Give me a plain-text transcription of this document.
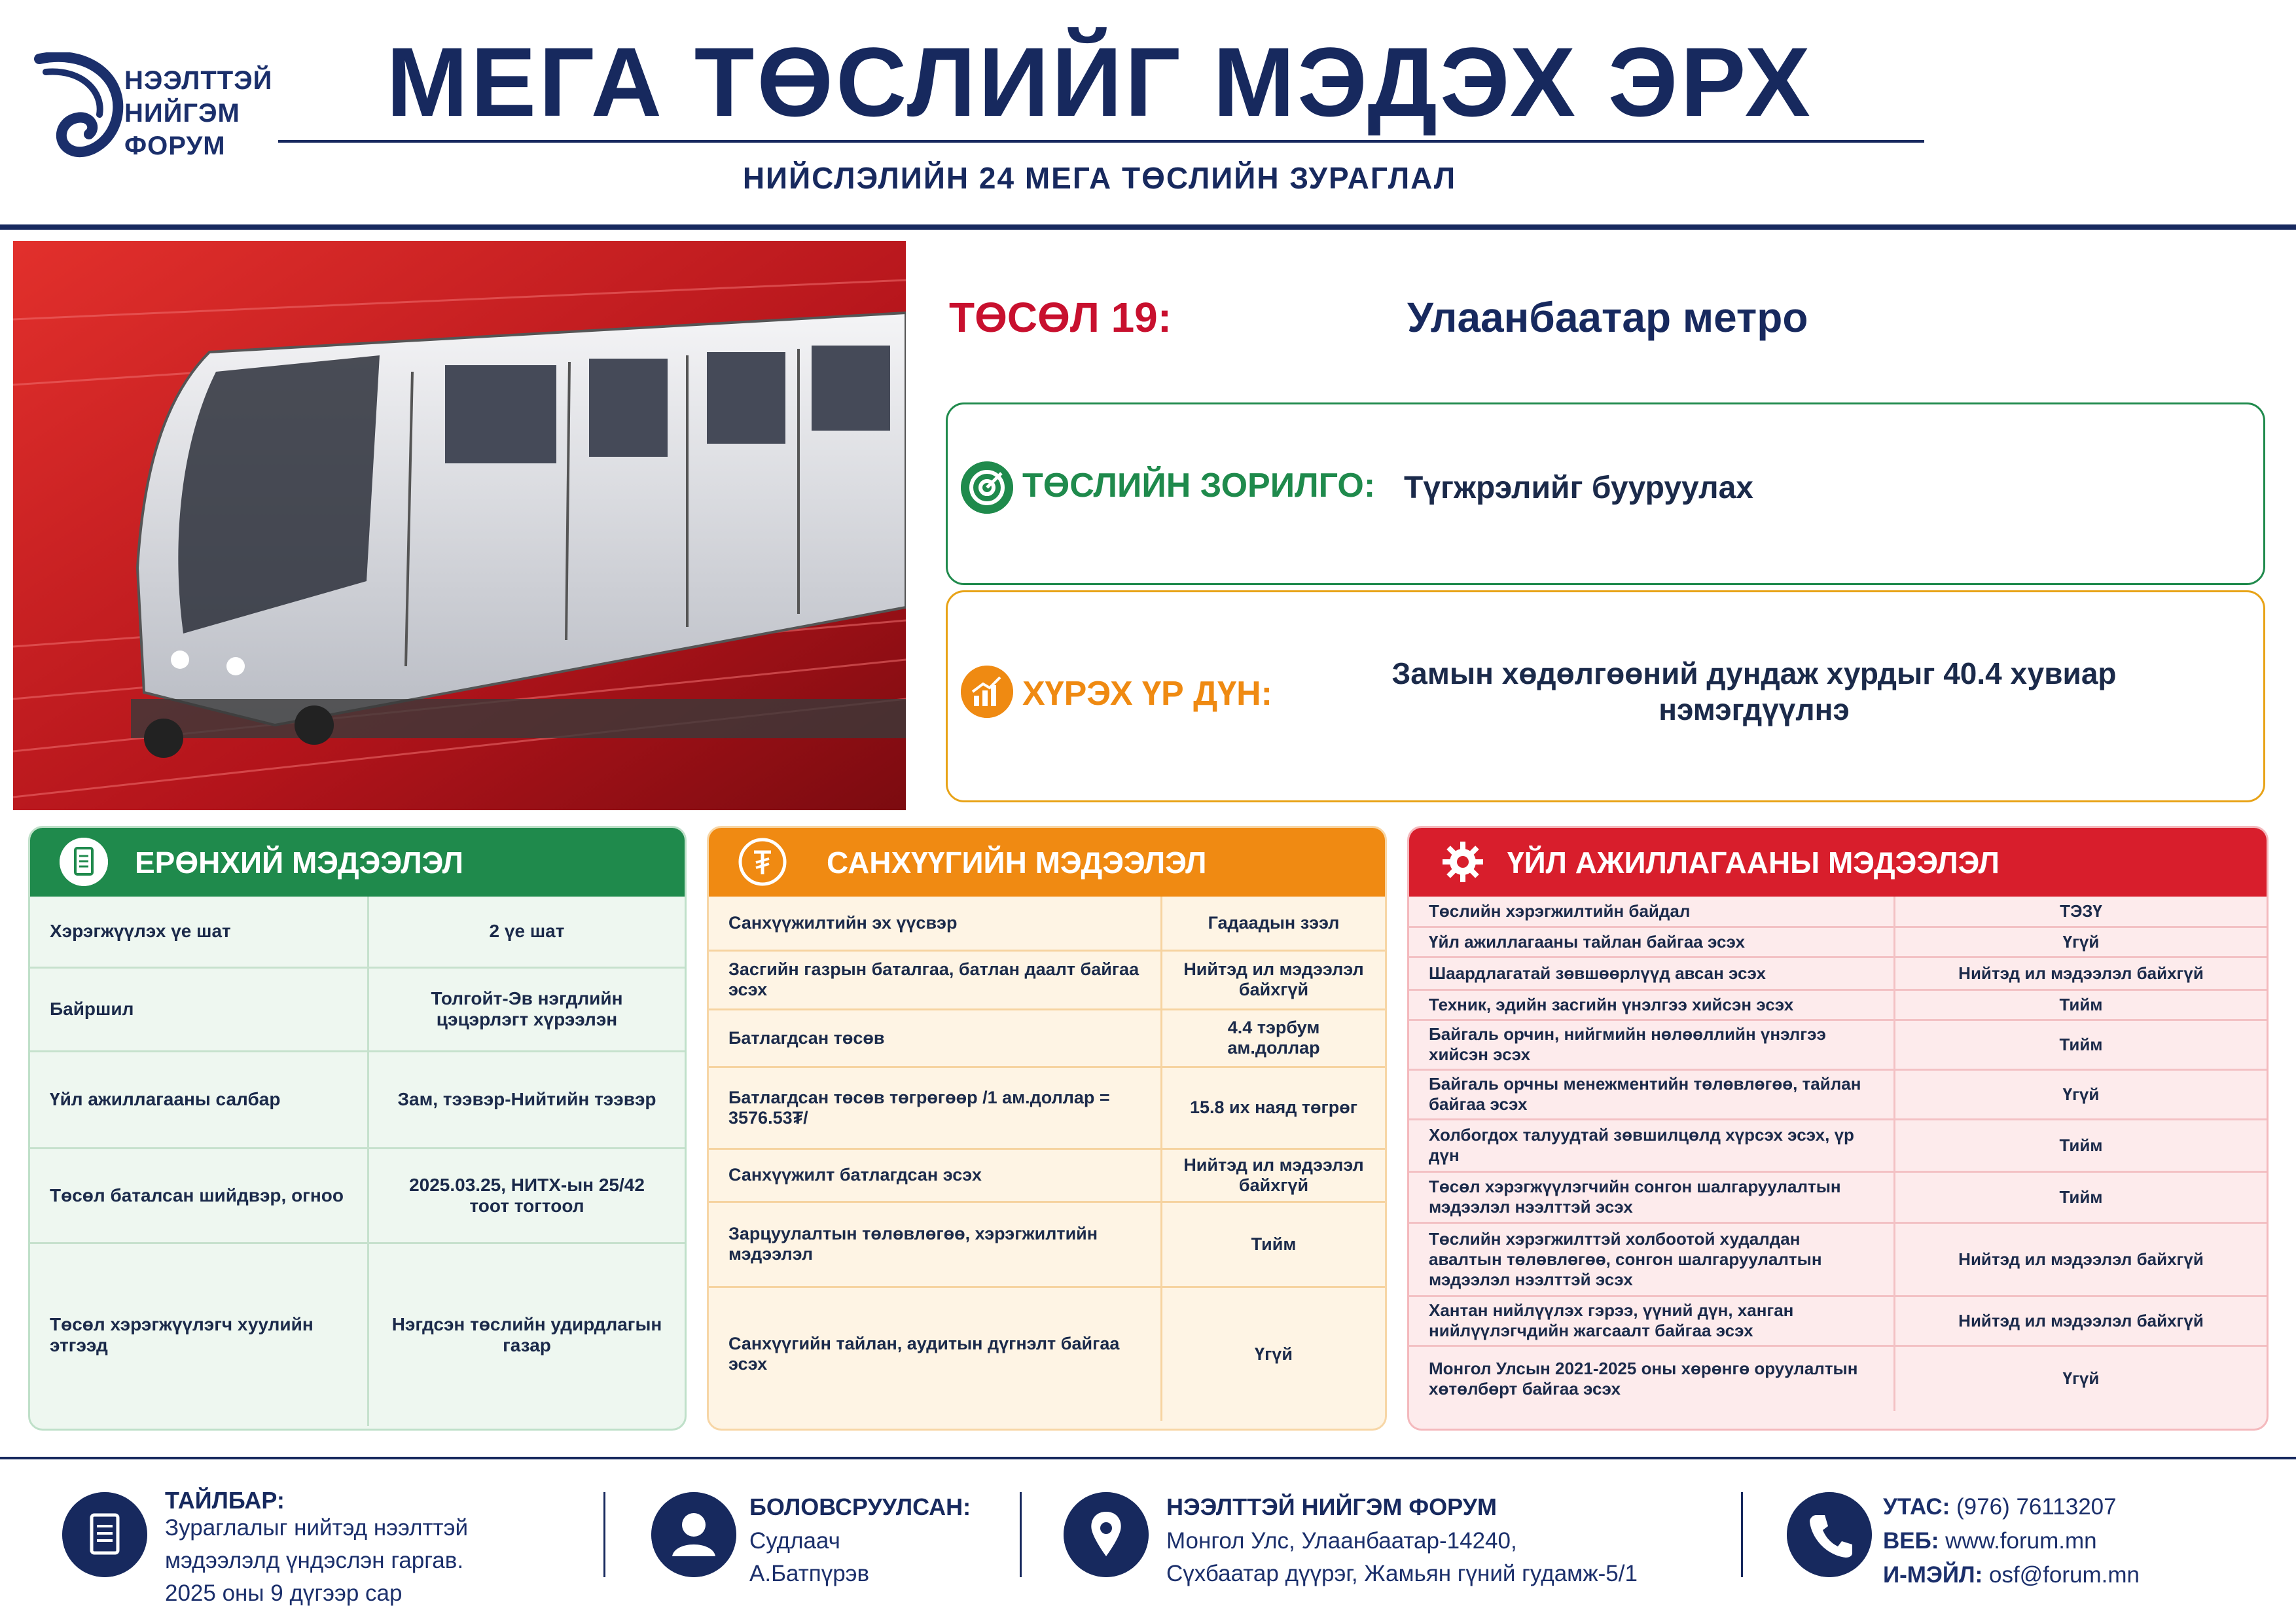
НЭЭЛТТЭЙ
НИЙГЭМ
ФОРУМ
МЕГА ТӨСЛИЙГ МЭДЭХ ЭРХ
НИЙСЛЭЛИЙН 24 МЕГА ТӨСЛИЙН ЗУРАГЛАЛ
ТӨСӨЛ 19:	Улаанбаатар метро
ТӨСЛИЙН ЗОРИЛГО: Түгжрэлийг бууруулах
ХҮРЭХ ҮР ДҮН:
Замын хөдөлгөөний дундаж хурдыг 40.4 хувиар нэмэгдүүлнэ
ЕРӨНХИЙ МЭДЭЭЛЭЛ
Хэрэгжүүлэх үе шат	2 үе шат
Байршил	Толгойт-Эв нэгдлийн цэцэрлэгт хүрээлэн
Үйл ажиллагааны салбар	Зам, тээвэр-Нийтийн тээвэр
Төсөл баталсан шийдвэр, огноо	2025.03.25, НИТХ-ын 25/42 тоот тогтоол
Төсөл хэрэгжүүлэгч хуулийн этгээд	Нэгдсэн төслийн удирдлагын газар
САНХҮҮГИЙН МЭДЭЭЛЭЛ
Санхүүжилтийн эх үүсвэр	Гадаадын зээл
Засгийн газрын баталгаа, батлан даалт байгаа эсэх	Нийтэд ил мэдээлэл байхгүй
Батлагдсан төсөв	4.4 тэрбум ам.доллар
Батлагдсан төсөв төгрөгөөр /1 ам.доллар = 3576.53₮/	15.8 их наяд төгрөг
Санхүүжилт батлагдсан эсэх	Нийтэд ил мэдээлэл байхгүй
Зарцуулалтын төлөвлөгөө, хэрэгжилтийн мэдээлэл	Тийм
Санхүүгийн тайлан, аудитын дүгнэлт байгаа эсэх	Үгүй
ҮЙЛ АЖИЛЛАГААНЫ МЭДЭЭЛЭЛ
Төслийн хэрэгжилтийн байдал	ТЭЗҮ
Үйл ажиллагааны тайлан байгаа эсэх	Үгүй
Шаардлагатай зөвшөөрлүүд авсан эсэх	Нийтэд ил мэдээлэл байхгүй
Техник, эдийн засгийн үнэлгээ хийсэн эсэх	Тийм
Байгаль орчин, нийгмийн нөлөөллийн үнэлгээ хийсэн эсэх	Тийм
Байгаль орчны менежментийн төлөвлөгөө, тайлан байгаа эсэх	Үгүй
Холбогдох талуудтай зөвшилцөлд хүрсэх эсэх, үр дүн	Тийм
Төсөл хэрэгжүүлэгчийн сонгон шалгаруулалтын мэдээлэл нээлттэй эсэх	Тийм
Төслийн хэрэгжилттэй холбоотой худалдан авалтын төлөвлөгөө, сонгон шалгаруулалтын мэдээлэл нээлттэй эсэх	Нийтэд ил мэдээлэл байхгүй
Хантан нийлүүлэх гэрээ, үүний дүн, хангaн нийлүүлэгчдийн жагсаалт байгаа эсэх	Нийтэд ил мэдээлэл байхгүй
Монгол Улсын 2021-2025 оны хөрөнгө оруулалтын хөтөлбөрт байгаа эсэх	Үгүй
ТАЙЛБАР:
Зураглалыг нийтэд нээлттэй
мэдээлэлд үндэслэн гаргав.
2025 оны 9 дүгээр сар
БОЛОВСРУУЛСАН:
Судлаач
А.Батпүрэв
НЭЭЛТТЭЙ НИЙГЭМ ФОРУМ
Монгол Улс, Улаанбаатар-14240,
Сүхбаатар дүүрэг, Жамьян гүний гудамж-5/1
УТАС: (976) 76113207
ВЕБ: www.forum.mn
И-МЭЙЛ: osf@forum.mn
